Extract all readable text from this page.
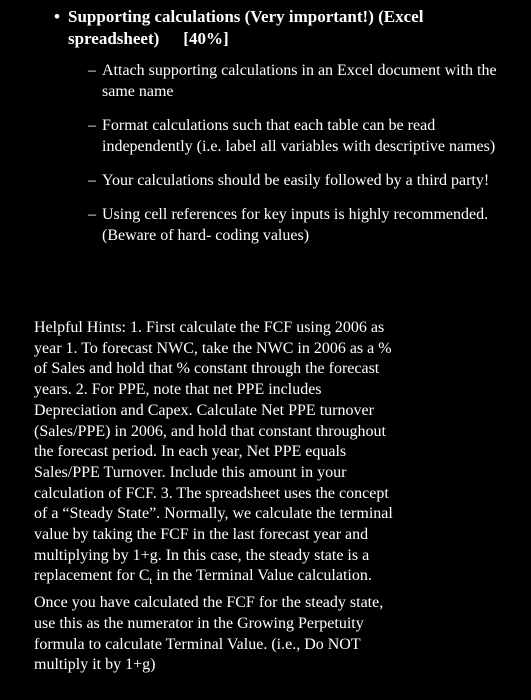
• Supporting calculations (Very important!) (Excel
spreadsheet) [40%]
– Attach supporting calculations in an Excel document with the same name
– Format calculations such that each table can be read independently (i.e. label all variables with descriptive names)
– Your calculations should be easily followed by a third party!
– Using cell references for key inputs is highly recommended. (Beware of hard- coding values)
Helpful Hints: 1. First calculate the FCF using 2006 as
year 1. To forecast NWC, take the NWC in 2006 as a %
of Sales and hold that % constant through the forecast
years. 2. For PPE, note that net PPE includes
Depreciation and Capex. Calculate Net PPE turnover
(Sales/PPE) in 2006, and hold that constant throughout
the forecast period. In each year, Net PPE equals
Sales/PPE Turnover. Include this amount in your
calculation of FCF. 3. The spreadsheet uses the concept
of a “Steady State”. Normally, we calculate the terminal
value by taking the FCF in the last forecast year and
multiplying by 1+g. In this case, the steady state is a
replacement for $C_t$ in the Terminal Value calculation.
Once you have calculated the FCF for the steady state,
use this as the numerator in the Growing Perpetuity
formula to calculate Terminal Value. (i.e., Do NOT
multiply it by 1+g)
